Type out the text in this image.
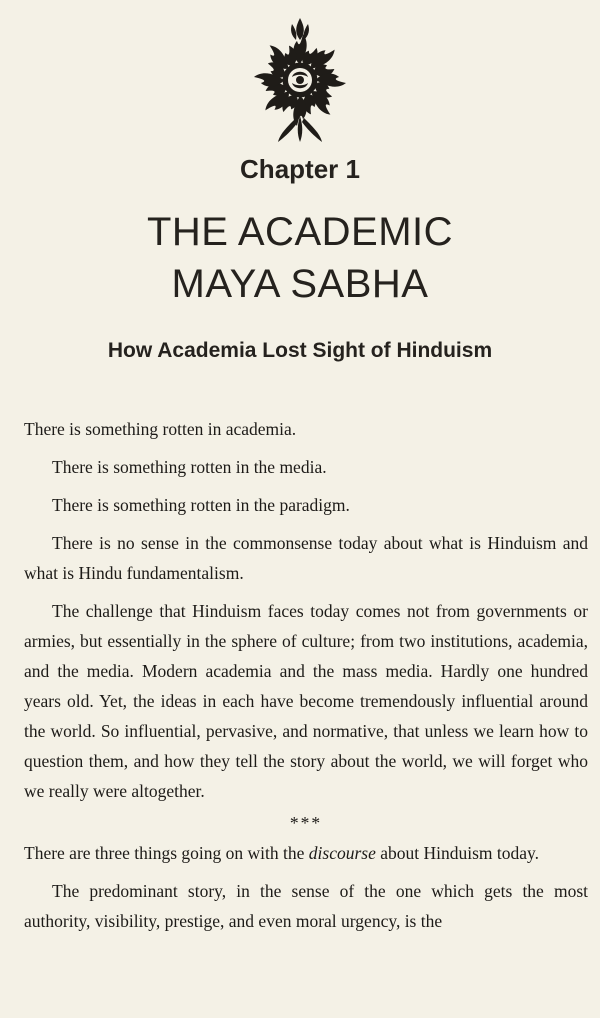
Chapter 1
THE ACADEMIC
MAYA SABHA
How Academia Lost Sight of Hinduism

There is something rotten in academia.

There is something rotten in the media.

There is something rotten in the paradigm.

There is no sense in the commonsense today about what is Hinduism and what is Hindu fundamentalism.

The challenge that Hinduism faces today comes not from governments or armies, but essentially in the sphere of culture; from two institutions, academia, and the media. Modern academia and the mass media. Hardly one hundred years old. Yet, the ideas in each have become tremendously influential around the world. So influential, pervasive, and normative, that unless we learn how to question them, and how they tell the story about the world, we will forget who we really were altogether.

***

There are three things going on with the discourse about Hinduism today.

The predominant story, in the sense of the one which gets the most authority, visibility, prestige, and even moral urgency, is the
